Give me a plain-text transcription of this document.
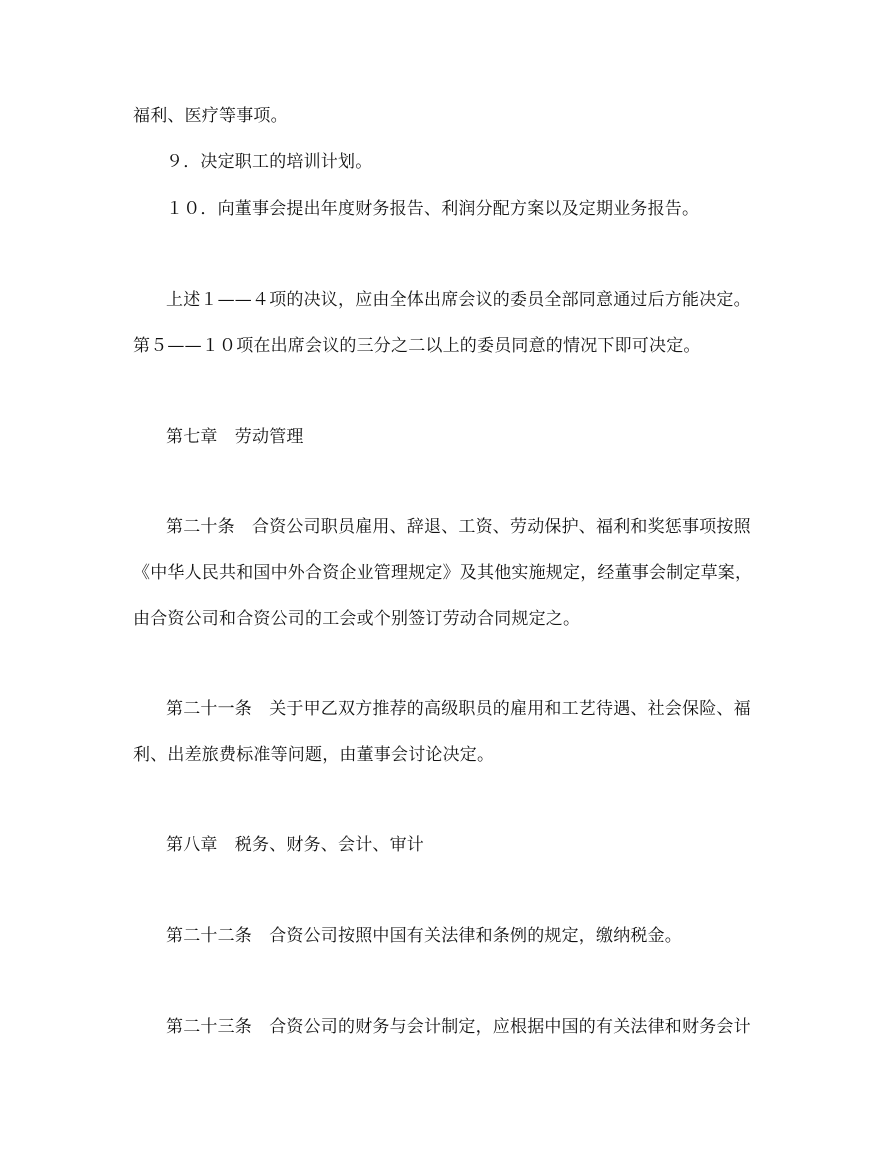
福利、医疗等事项。
９．决定职工的培训计划。
１０．向董事会提出年度财务报告、利润分配方案以及定期业务报告。
上述１——４项的决议，应由全体出席会议的委员全部同意通过后方能决定。
第５——１０项在出席会议的三分之二以上的委员同意的情况下即可决定。
第七章　劳动管理
第二十条　合资公司职员雇用、辞退、工资、劳动保护、福利和奖惩事项按照
《中华人民共和国中外合资企业管理规定》及其他实施规定，经董事会制定草案，
由合资公司和合资公司的工会或个别签订劳动合同规定之。
第二十一条　关于甲乙双方推荐的高级职员的雇用和工艺待遇、社会保险、福
利、出差旅费标准等问题，由董事会讨论决定。
第八章　税务、财务、会计、审计
第二十二条　合资公司按照中国有关法律和条例的规定，缴纳税金。
第二十三条　合资公司的财务与会计制定，应根据中国的有关法律和财务会计
